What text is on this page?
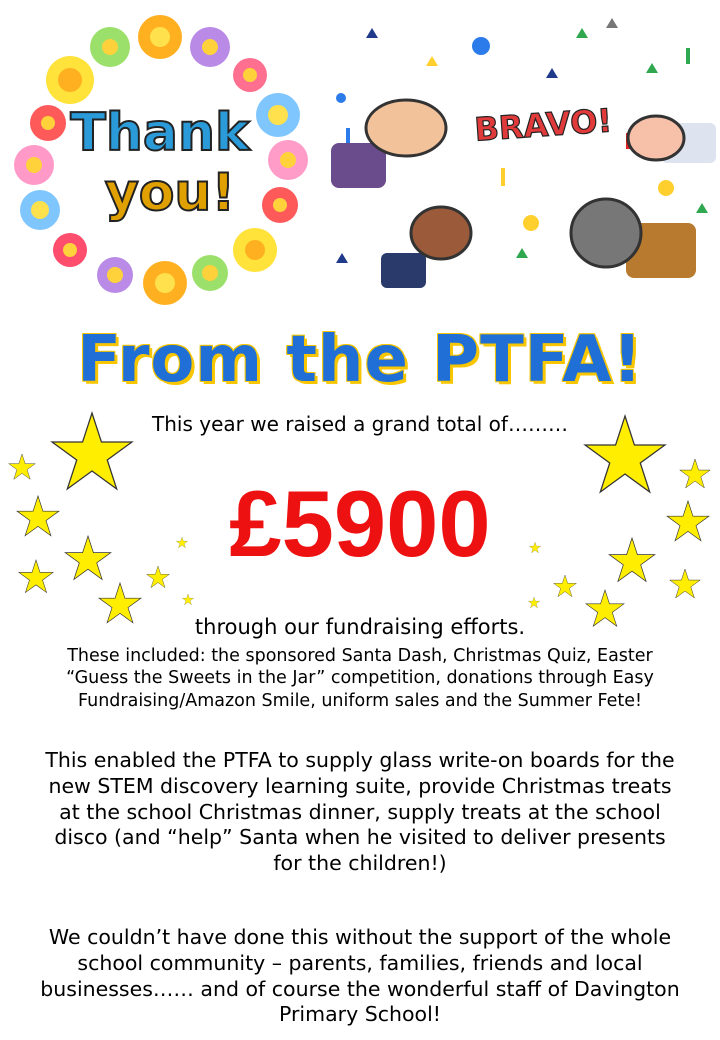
Thank
you!
BRAVO!
From the PTFA!
This year we raised a grand total of………
£5900
through our fundraising efforts.
These included: the sponsored Santa Dash, Christmas Quiz, Easter
“Guess the Sweets in the Jar” competition, donations through Easy
Fundraising/Amazon Smile, uniform sales and the Summer Fete!
This enabled the PTFA to supply glass write-on boards for the
new STEM discovery learning suite, provide Christmas treats
at the school Christmas dinner, supply treats at the school
disco (and “help” Santa when he visited to deliver presents
for the children!)
We couldn’t have done this without the support of the whole
school community – parents, families, friends and local
businesses…… and of course the wonderful staff of Davington
Primary School!
